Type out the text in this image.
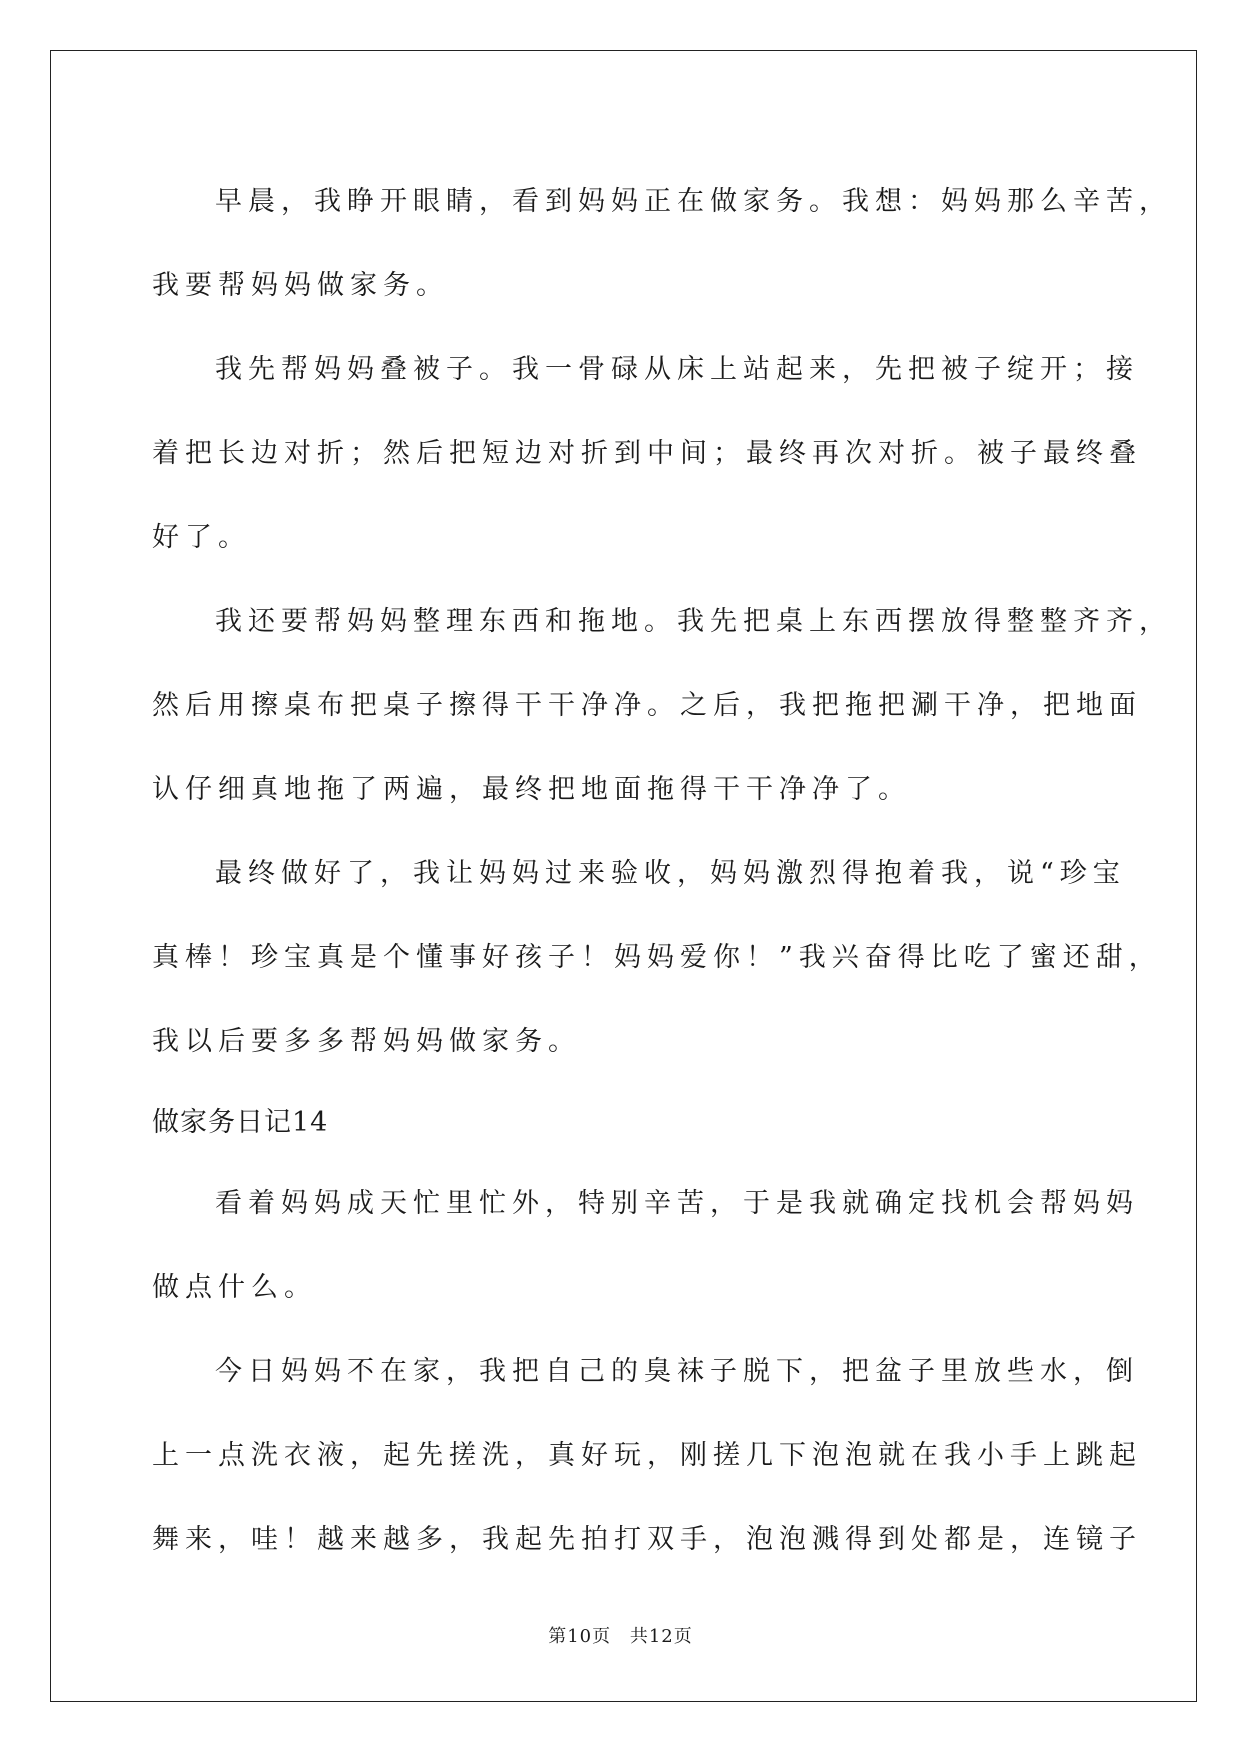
早晨，我睁开眼睛，看到妈妈正在做家务。我想：妈妈那么辛苦，
我要帮妈妈做家务。
我先帮妈妈叠被子。我一骨碌从床上站起来，先把被子绽开；接
着把长边对折；然后把短边对折到中间；最终再次对折。被子最终叠
好了。
我还要帮妈妈整理东西和拖地。我先把桌上东西摆放得整整齐齐，
然后用擦桌布把桌子擦得干干净净。之后，我把拖把涮干净，把地面
认仔细真地拖了两遍，最终把地面拖得干干净净了。
最终做好了，我让妈妈过来验收，妈妈激烈得抱着我，说“珍宝
真棒！珍宝真是个懂事好孩子！妈妈爱你！”我兴奋得比吃了蜜还甜，
我以后要多多帮妈妈做家务。
做家务日记14
看着妈妈成天忙里忙外，特别辛苦，于是我就确定找机会帮妈妈
做点什么。
今日妈妈不在家，我把自己的臭袜子脱下，把盆子里放些水，倒
上一点洗衣液，起先搓洗，真好玩，刚搓几下泡泡就在我小手上跳起
舞来，哇！越来越多，我起先拍打双手，泡泡溅得到处都是，连镜子
第10页 共12页
